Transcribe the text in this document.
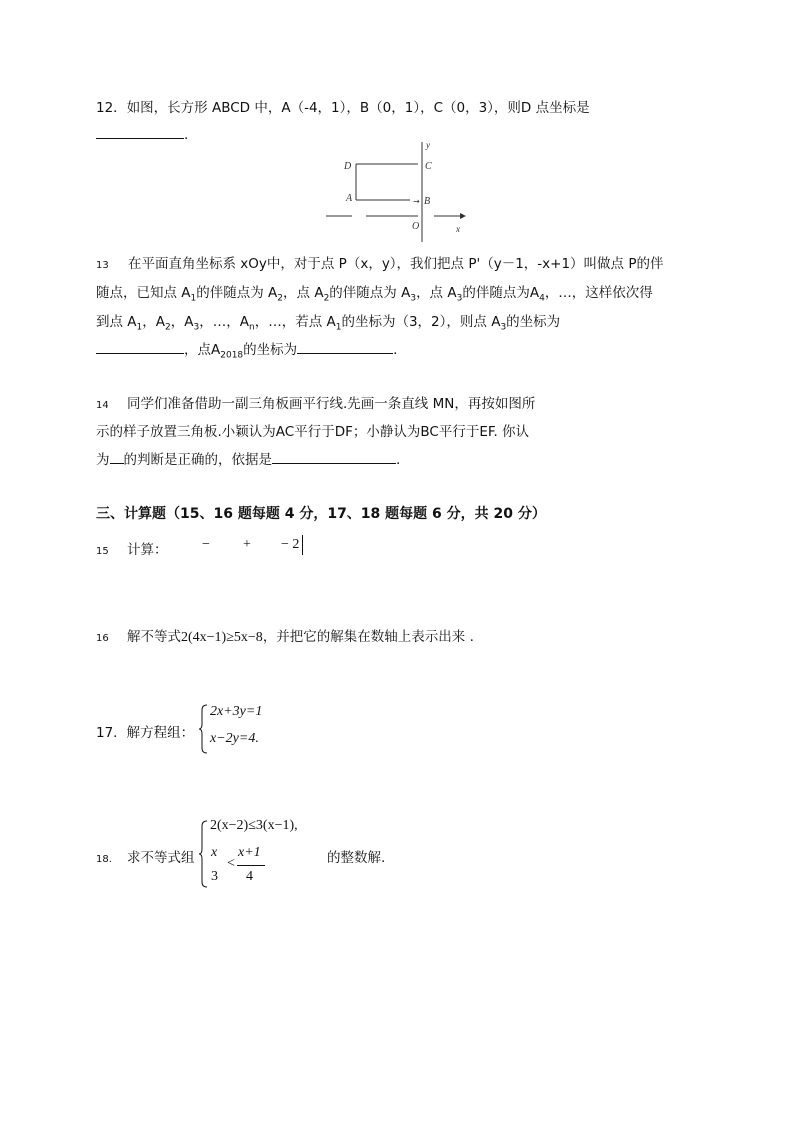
12．如图，长方形 ABCD 中，A（-4，1），B（0，1），C（0，3），则D 点坐标是
.
D	C
A	→ B
O
y
x
13 在平面直角坐标系 xOy中，对于点 P（x，y），我们把点 P'（y－1，-x+1）叫做点 P的伴
随点，已知点 $A_1$的伴随点为 $A_2$，点 $A_2$的伴随点为 $A_3$，点 $A_3$的伴随点为$A_4$，…，这样依次得
到点 $A_1$，$A_2$，$A_3$，…，$A_n$，…，若点 $A_1$的坐标为（3，2），则点 $A_3$的坐标为
，点$A_{2018}$的坐标为	.
14 同学们准备借助一副三角板画平行线.先画一条直线 MN，再按如图所
示的样子放置三角板.小颖认为AC平行于DF；小静认为BC平行于EF. 你认
为 的判断是正确的，依据是	.
三、计算题（15、16 题每题 4 分，17、18 题每题 6 分，共 20 分）
15 计算： − + − 2
16 解不等式2(4x−1)≥5x−8，并把它的解集在数轴上表示出来 .
17．解方程组：
2x+3y=1
x−2y=4.
18. 求不等式组
2(x−2)≤3(x−1),
x
3
<
x+1
4
的整数解.
